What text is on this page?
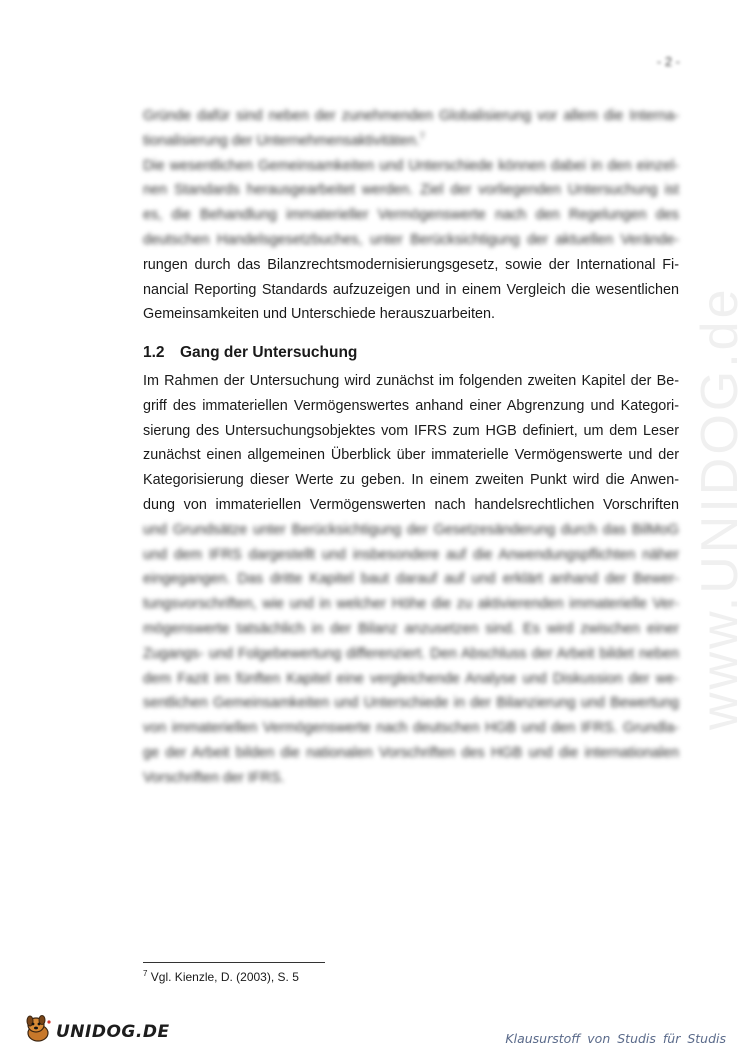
- 2 -
www.UNIDOG.de
Gründe dafür sind neben der zunehmenden Globalisierung vor allem die Interna-
tionalisierung der Unternehmensaktivitäten.$^7$
Die wesentlichen Gemeinsamkeiten und Unterschiede können dabei in den einzel-
nen Standards herausgearbeitet werden. Ziel der vorliegenden Untersuchung ist
es, die Behandlung immaterieller Vermögenswerte nach den Regelungen des
deutschen Handelsgesetzbuches, unter Berücksichtigung der aktuellen Verände-
rungen durch das Bilanzrechtsmodernisierungsgesetz, sowie der International Fi-
nancial Reporting Standards aufzuzeigen und in einem Vergleich die wesentlichen
Gemeinsamkeiten und Unterschiede herauszuarbeiten.
1.2 Gang der Untersuchung
Im Rahmen der Untersuchung wird zunächst im folgenden zweiten Kapitel der Be-
griff des immateriellen Vermögenswertes anhand einer Abgrenzung und Kategori-
sierung des Untersuchungsobjektes vom IFRS zum HGB definiert, um dem Leser
zunächst einen allgemeinen Überblick über immaterielle Vermögenswerte und der
Kategorisierung dieser Werte zu geben. In einem zweiten Punkt wird die Anwen-
dung von immateriellen Vermögenswerten nach handelsrechtlichen Vorschriften
und Grundsätze unter Berücksichtigung der Gesetzesänderung durch das BilMoG
und dem IFRS dargestellt und insbesondere auf die Anwendungspflichten näher
eingegangen. Das dritte Kapitel baut darauf auf und erklärt anhand der Bewer-
tungsvorschriften, wie und in welcher Höhe die zu aktivierenden immaterielle Ver-
mögenswerte tatsächlich in der Bilanz anzusetzen sind. Es wird zwischen einer
Zugangs- und Folgebewertung differenziert. Den Abschluss der Arbeit bildet neben
dem Fazit im fünften Kapitel eine vergleichende Analyse und Diskussion der we-
sentlichen Gemeinsamkeiten und Unterschiede in der Bilanzierung und Bewertung
von immateriellen Vermögenswerte nach deutschen HGB und den IFRS. Grundla-
ge der Arbeit bilden die nationalen Vorschriften des HGB und die internationalen
Vorschriften der IFRS.
$^7$ Vgl. Kienzle, D. (2003), S. 5
UNIDOG.DE	Klausurstoff von Studis für Studis
